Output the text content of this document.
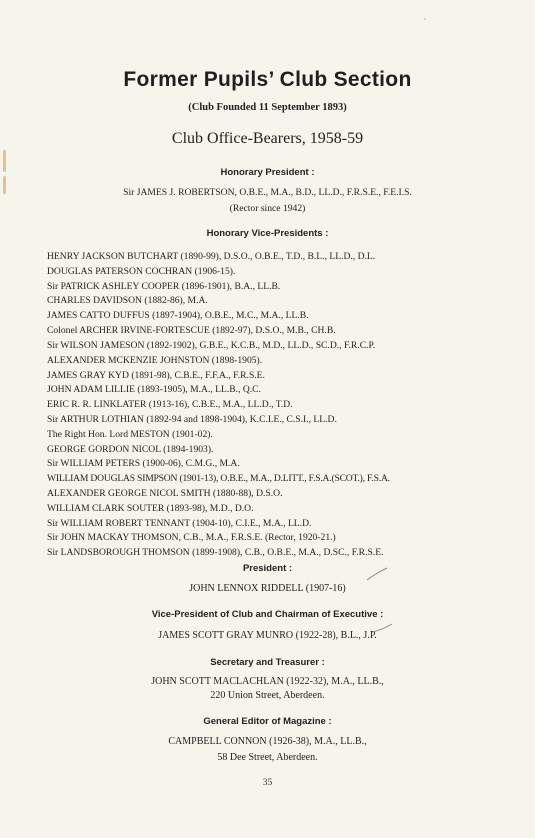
Former Pupils’ Club Section
(Club Founded 11 September 1893)
Club Office-Bearers, 1958-59
Honorary President :
Sir JAMES J. ROBERTSON, O.B.E., M.A., B.D., LL.D., F.R.S.E., F.E.I.S.
(Rector since 1942)
Honorary Vice-Presidents :
HENRY JACKSON BUTCHART (1890-99), D.S.O., O.B.E., T.D., B.L., LL.D., D.L.
DOUGLAS PATERSON COCHRAN (1906-15).
Sir PATRICK ASHLEY COOPER (1896-1901), B.A., LL.B.
CHARLES DAVIDSON (1882-86), M.A.
JAMES CATTO DUFFUS (1897-1904), O.B.E., M.C., M.A., LL.B.
Colonel ARCHER IRVINE-FORTESCUE (1892-97), D.S.O., M.B., CH.B.
Sir WILSON JAMESON (1892-1902), G.B.E., K.C.B., M.D., LL.D., SC.D., F.R.C.P.
ALEXANDER MCKENZIE JOHNSTON (1898-1905).
JAMES GRAY KYD (1891-98), C.B.E., F.F.A., F.R.S.E.
JOHN ADAM LILLIE (1893-1905), M.A., LL.B., Q.C.
ERIC R. R. LINKLATER (1913-16), C.B.E., M.A., LL.D., T.D.
Sir ARTHUR LOTHIAN (1892-94 and 1898-1904), K.C.I.E., C.S.I., LL.D.
The Right Hon. Lord MESTON (1901-02).
GEORGE GORDON NICOL (1894-1903).
Sir WILLIAM PETERS (1900-06), C.M.G., M.A.
WILLIAM DOUGLAS SIMPSON (1901-13), O.B.E., M.A., D.LITT., F.S.A.(SCOT.), F.S.A.
ALEXANDER GEORGE NICOL SMITH (1880-88), D.S.O.
WILLIAM CLARK SOUTER (1893-98), M.D., D.O.
Sir WILLIAM ROBERT TENNANT (1904-10), C.I.E., M.A., LL.D.
Sir JOHN MACKAY THOMSON, C.B., M.A., F.R.S.E. (Rector, 1920-21.)
Sir LANDSBOROUGH THOMSON (1899-1908), C.B., O.B.E., M.A., D.SC., F.R.S.E.
President :
JOHN LENNOX RIDDELL (1907-16)
Vice-President of Club and Chairman of Executive :
JAMES SCOTT GRAY MUNRO (1922-28), B.L., J.P.
Secretary and Treasurer :
JOHN SCOTT MACLACHLAN (1922-32), M.A., LL.B.,
220 Union Street, Aberdeen.
General Editor of Magazine :
CAMPBELL CONNON (1926-38), M.A., LL.B.,
58 Dee Street, Aberdeen.
35
